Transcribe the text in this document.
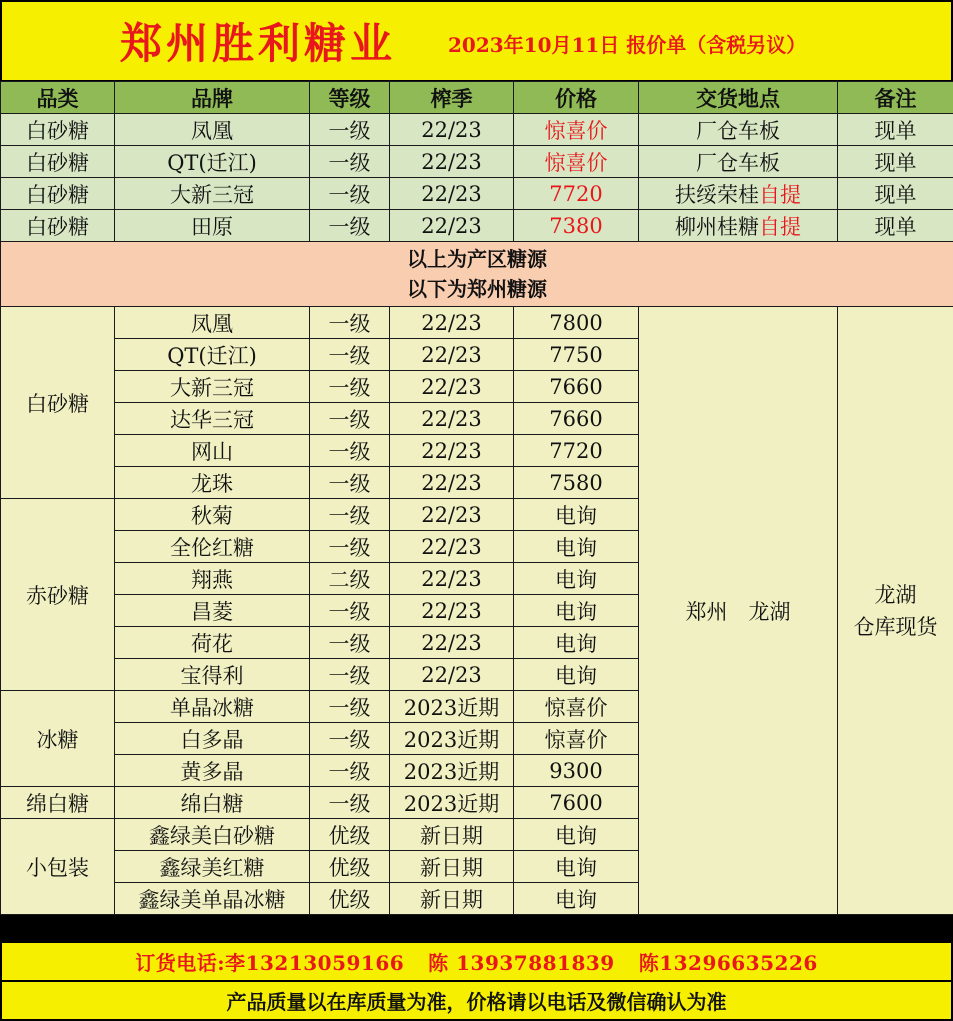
郑州胜利糖业	2023年10月11日 报价单（含税另议）
品类	品牌	等级	榨季	价格	交货地点	备注
白砂糖	凤凰	一级	22/23	惊喜价	厂仓车板	现单
白砂糖	QT(迁江)	一级	22/23	惊喜价	厂仓车板	现单
白砂糖	大新三冠	一级	22/23	7720	扶绥荣桂自提	现单
白砂糖	田原	一级	22/23	7380	柳州桂糖自提	现单

以上为产区糖源
以下为郑州糖源						

白砂糖	凤凰	一级	22/23	7800	郑州　龙湖	龙湖
仓库现货

	QT(迁江)	一级	22/23	7750		
	大新三冠	一级	22/23	7660		
	达华三冠	一级	22/23	7660		
	网山	一级	22/23	7720		
	龙珠	一级	22/23	7580		
赤砂糖	秋菊	一级	22/23	电询		
	全伦红糖	一级	22/23	电询		
	翔燕	二级	22/23	电询		
	昌菱	一级	22/23	电询		
	荷花	一级	22/23	电询		
	宝得利	一级	22/23	电询		
冰糖	单晶冰糖	一级	2023近期	惊喜价		
	白多晶	一级	2023近期	惊喜价		
	黄多晶	一级	2023近期	9300		
绵白糖	绵白糖	一级	2023近期	7600		
小包装	鑫绿美白砂糖	优级	新日期	电询		
	鑫绿美红糖	优级	新日期	电询		
	鑫绿美单晶冰糖	优级	新日期	电询		
订货电话:李13213059166 陈 13937881839 陈13296635226
产品质量以在库质量为准，价格请以电话及微信确认为准
